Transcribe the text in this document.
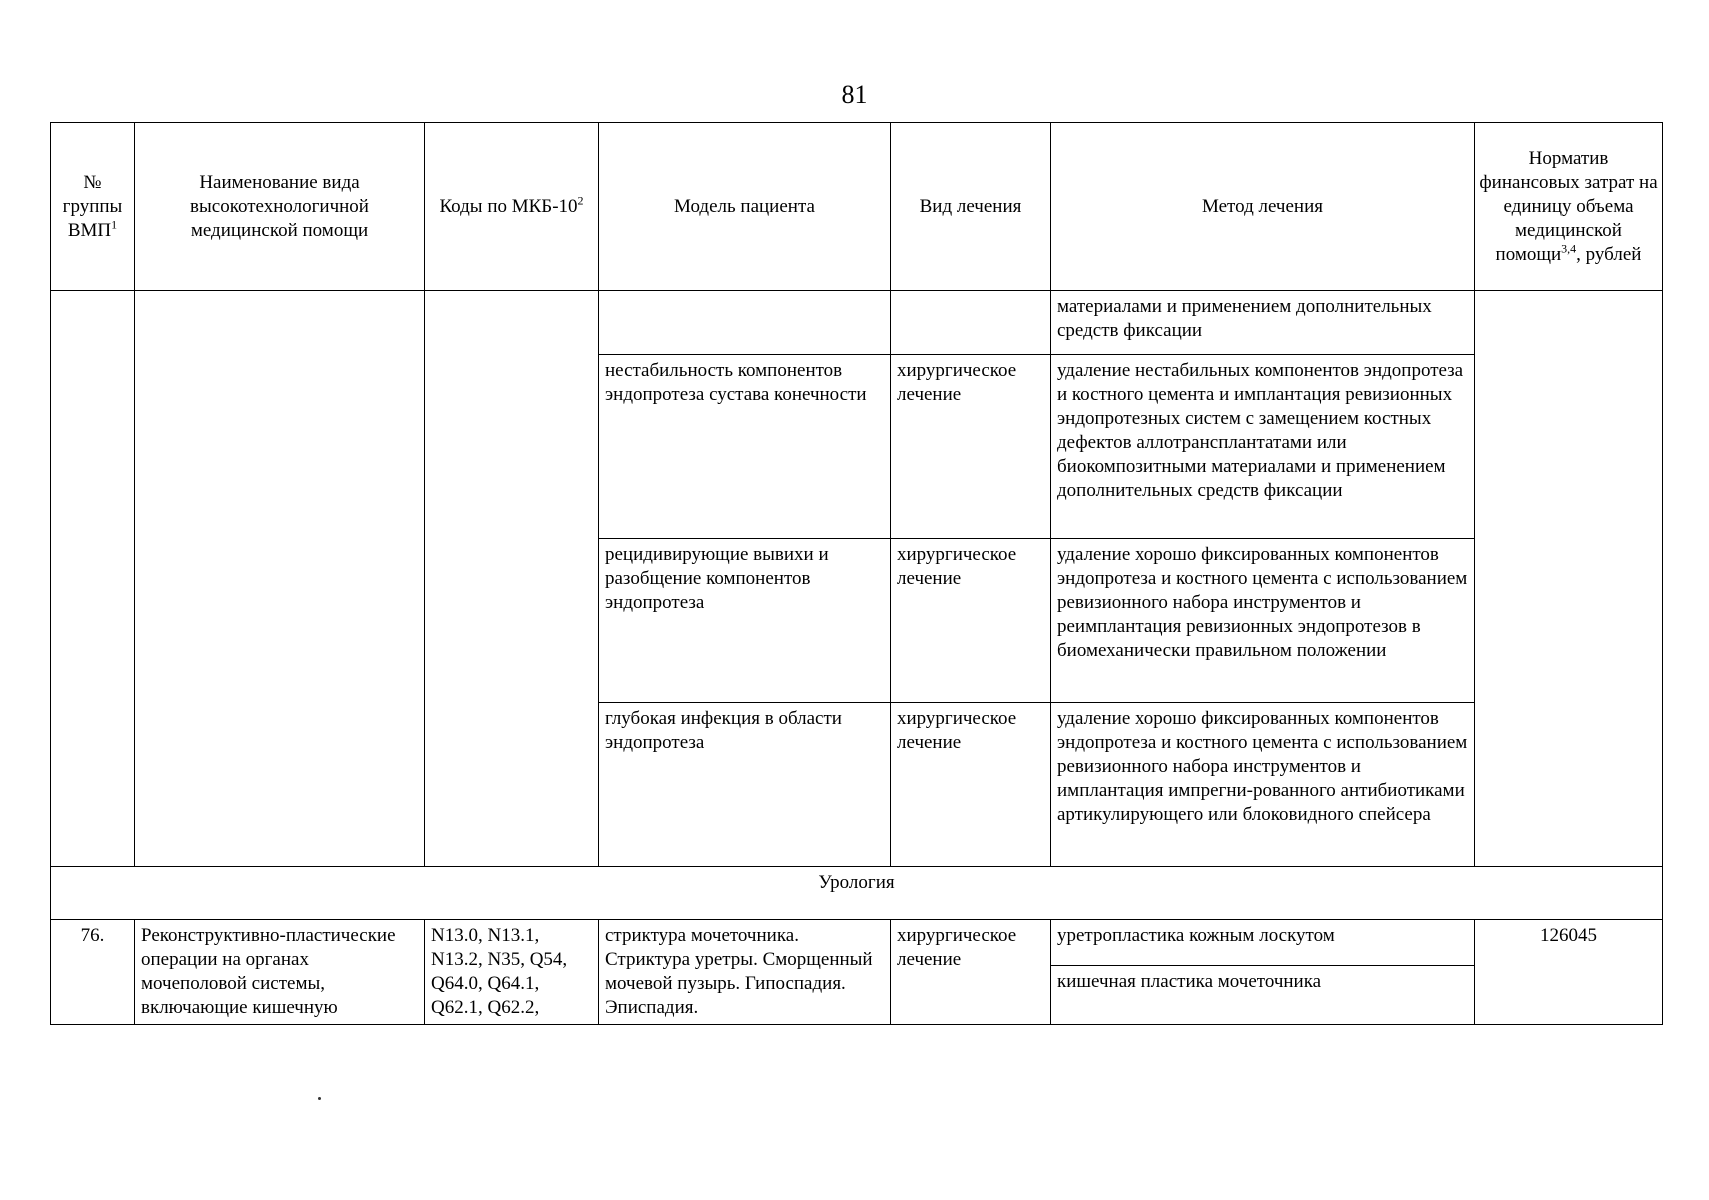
81
№ группы ВМП$^1$	Наименование вида высокотехнологичной медицинской помощи	Коды по МКБ-$10^2$	Модель пациента	Вид лечения	Метод лечения	Норматив финансовых затрат на единицу объема медицинской помощи$^{3,4}$, рублей
					материалами и применением дополнительных средств фиксации	
			нестабильность компонентов эндопротеза сустава конечности	хирургическое лечение	удаление нестабильных компонентов эндопротеза и костного цемента и имплантация ревизионных эндопротезных систем с замещением костных дефектов аллотрансплантатами или биокомпозитными материалами и применением дополнительных средств фиксации	
			рецидивирующие вывихи и разобщение компонентов эндопротеза	хирургическое лечение	удаление хорошо фиксированных компонентов эндопротеза и костного цемента с использованием ревизионного набора инструментов и реимплантация ревизионных эндопротезов в биомеханически правильном положении	
			глубокая инфекция в области эндопротеза	хирургическое лечение	удаление хорошо фиксированных компонентов эндопротеза и костного цемента с использованием ревизионного набора инструментов и имплантация импрегни-рованного антибиотиками артикулирующего или блоковидного спейсера	
Урология						
76.	Реконструктивно-пластические операции на органах мочеполовой системы, включающие кишечную	N13.0, N13.1, N13.2, N35, Q54, Q64.0, Q64.1, Q62.1, Q62.2,	стриктура мочеточника. Стриктура уретры. Сморщенный мочевой пузырь. Гипоспадия. Эписпадия.	хирургическое лечение	уретропластика кожным лоскутом	126045
					кишечная пластика мочеточника	
